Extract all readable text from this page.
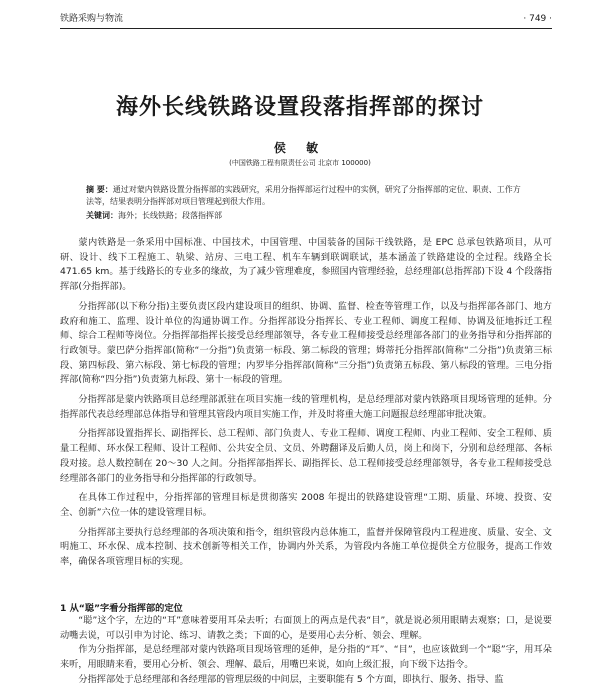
铁路采购与物流	· 749 ·
海外长线铁路设置段落指挥部的探讨
侯 敏
(中国铁路工程有限责任公司 北京市 100000)
摘 要：通过对蒙内铁路设置分指挥部的实践研究，采用分指挥部运行过程中的实例，研究了分指挥部的定位、职责、工作方法等，结果表明分指挥部对项目管理起到很大作用。
关键词：海外；长线铁路；段落指挥部

蒙内铁路是一条采用中国标准、中国技术，中国管理、中国装备的国际干线铁路，是 EPC 总承包铁路项目，从可研、设计、线下工程施工、轨梁、站房、三电工程、机车车辆到联调联试，基本涵盖了铁路建设的全过程。线路全长 471.65 km。基于线路长的专业多的缘故，为了减少管理难度，参照国内管理经验，总经理部(总指挥部)下设 4 个段落指挥部(分指挥部)。

分指挥部(以下称分指)主要负责区段内建设项目的组织、协调、监督、检查等管理工作，以及与指挥部各部门、地方政府和施工、监理、设计单位的沟通协调工作。分指挥部设分指挥长、专业工程师、调度工程师、协调及征地拆迁工程师、综合工程师等岗位。分指挥部指挥长接受总经理部领导，各专业工程师接受总经理部各部门的业务指导和分指挥部的行政领导。蒙巴萨分指挥部(简称“一分指”)负责第一标段、第二标段的管理；姆蒂托分指挥部(简称“二分指”)负责第三标段、第四标段、第六标段、第七标段的管理；内罗毕分指挥部(简称“三分指”)负责第五标段、第八标段的管理。三电分指挥部(简称“四分指”)负责第九标段、第十一标段的管理。

分指挥部是蒙内铁路项目总经理部派驻在项目实施一线的管理机构，是总经理部对蒙内铁路项目现场管理的延伸。分指挥部代表总经理部总体指导和管理其管段内项目实施工作，并及时将重大施工问题报总经理部审批决策。

分指挥部设置指挥长、副指挥长、总工程师、部门负责人、专业工程师、调度工程师、内业工程师、安全工程师、质量工程师、环水保工程师、设计工程师、公共安全员、文员、外聘翻译及后勤人员，岗上和岗下，分别和总经理部、各标段对接。总人数控制在 20～30 人之间。分指挥部指挥长、副指挥长、总工程师接受总经理部领导，各专业工程师接受总经理部各部门的业务指导和分指挥部的行政领导。

在具体工作过程中，分指挥部的管理目标是贯彻落实 2008 年提出的铁路建设管理“工期、质量、环境、投资、安全、创新”六位一体的建设管理目标。

分指挥部主要执行总经理部的各项决策和指令，组织管段内总体施工，监督并保障管段内工程进度、质量、安全、文明施工、环水保、成本控制、技术创新等相关工作，协调内外关系，为管段内各施工单位提供全方位服务，提高工作效率，确保各项管理目标的实现。

1 从“聪”字看分指挥部的定位

“聪”这个字，左边的“耳”意味着要用耳朵去听；右面顶上的两点是代表“目”，就是说必须用眼睛去观察；口，是说要动嘴去说，可以引申为讨论、练习、请教之类；下面的心，是要用心去分析、领会、理解。

作为分指挥部，是总经理部对蒙内铁路项目现场管理的延伸，是分指的“耳”、“目”，也应该做到一个“聪”字，用耳朵来听，用眼睛来看，要用心分析、领会、理解、最后，用嘴巴来说，如向上级汇报，向下级下达指令。

分指挥部处于总经理部和各经理部的管理层级的中间层，主要职能有 5 个方面，即执行、服务、指导、监
